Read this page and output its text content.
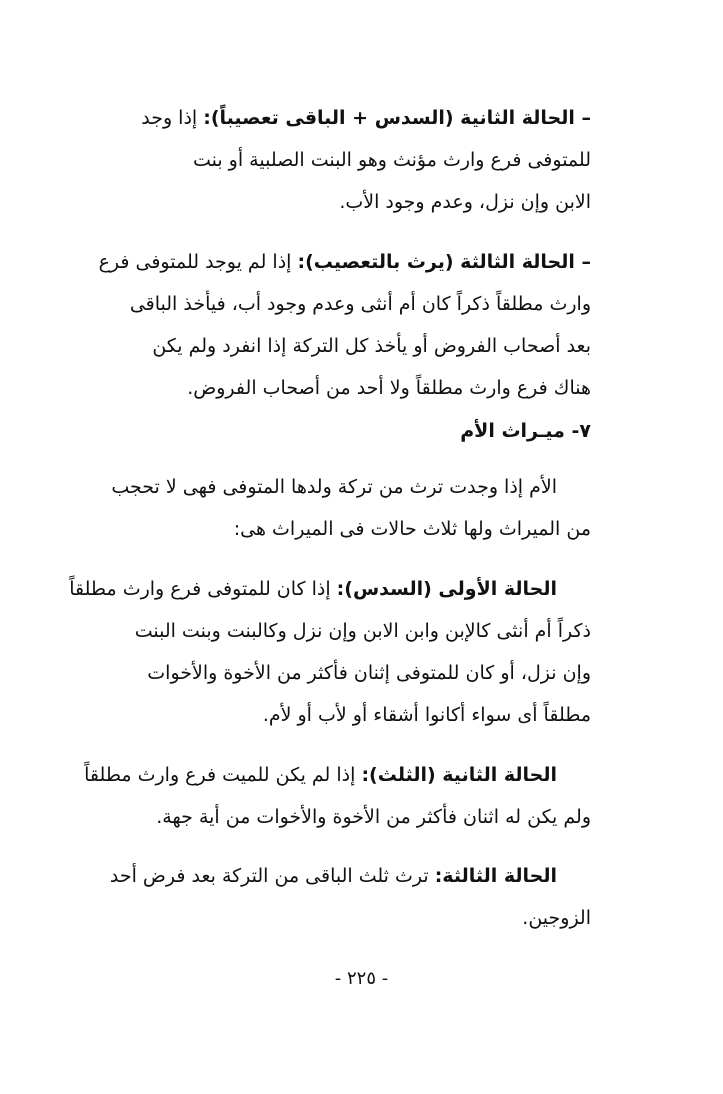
– الحالة الثانية (السدس + الباقى تعصيباً): إذا وجد
للمتوفى فرع وارث مؤنث وهو البنت الصلبية أو بنت
الابن وإن نزل، وعدم وجود الأب.
– الحالة الثالثة (يرث بالتعصيب): إذا لم يوجد للمتوفى فرع
وارث مطلقاً ذكراً كان أم أنثى وعدم وجود أب، فيأخذ الباقى
بعد أصحاب الفروض أو يأخذ كل التركة إذا انفرد ولم يكن
هناك فرع وارث مطلقاً ولا أحد من أصحاب الفروض.
٧- ميـراث الأم
الأم إذا وجدت ترث من تركة ولدها المتوفى فهى لا تحجب
من الميراث ولها ثلاث حالات فى الميراث هى:
الحالة الأولى (السدس): إذا كان للمتوفى فرع وارث مطلقاً
ذكراً أم أنثى كالإبن وابن الابن وإن نزل وكالبنت وبنت البنت
وإن نزل، أو كان للمتوفى إثنان فأكثر من الأخوة والأخوات
مطلقاً أى سواء أكانوا أشقاء أو لأب أو لأم.
الحالة الثانية (الثلث): إذا لم يكن للميت فرع وارث مطلقاً
ولم يكن له اثنان فأكثر من الأخوة والأخوات من أية جهة.
الحالة الثالثة: ترث ثلث الباقى من التركة بعد فرض أحد
الزوجين.
- ٢٢٥ -
